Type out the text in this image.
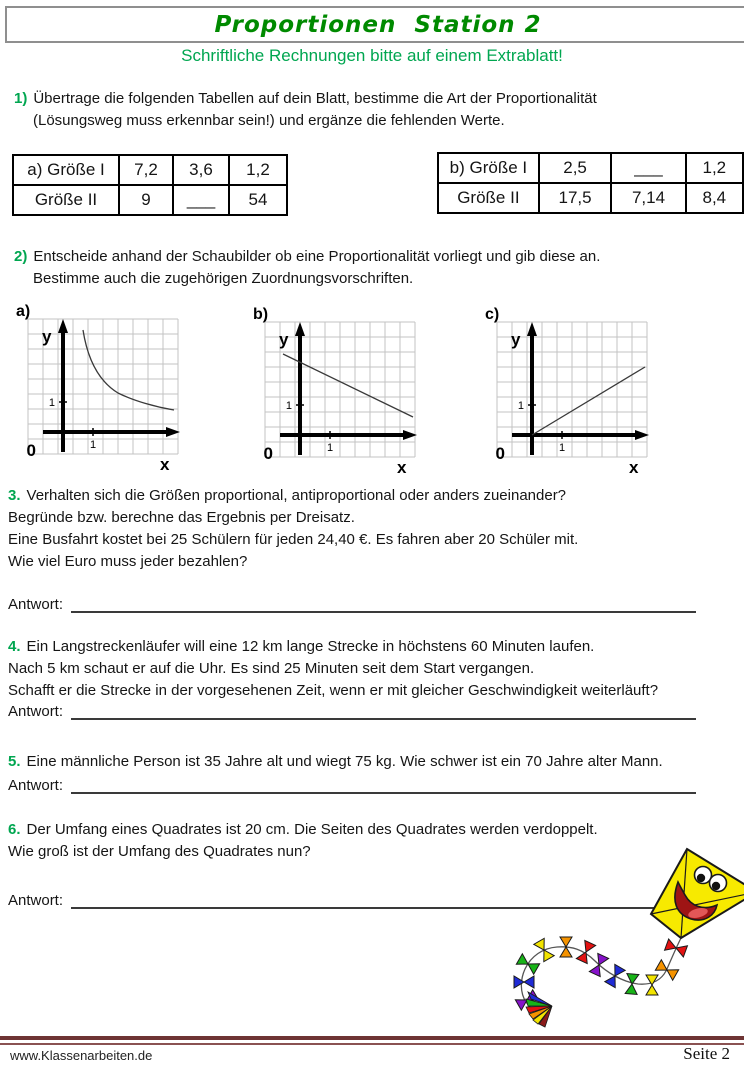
Proportionen  Station 2
Schriftliche Rechnungen bitte auf einem Extrablatt!
1) Übertrage die folgenden Tabellen auf dein Blatt, bestimme die Art der Proportionalität
(Lösungsweg muss erkennbar sein!) und ergänze die fehlenden Werte.
a) Größe I	7,2	3,6	1,2
Größe II	9	___	54
b) Größe I	2,5	___	1,2
Größe II	17,5	7,14	8,4
2) Entscheide anhand der Schaubilder ob eine Proportionalität vorliegt und gib diese an.
Bestimme auch die zugehörigen Zuordnungsvorschriften.
a)
y
x
0
1
1
b)
y
x
0
1
1
c)
y
x
0
1
1
3. Verhalten sich die Größen proportional, antiproportional oder anders zueinander?
Begründe bzw. berechne das Ergebnis per Dreisatz.
Eine Busfahrt kostet bei 25 Schülern für jeden 24,40 €. Es fahren aber 20 Schüler mit.
Wie viel Euro muss jeder bezahlen?
Antwort:
4. Ein Langstreckenläufer will eine 12 km lange Strecke in höchstens 60 Minuten laufen.
Nach 5 km schaut er auf die Uhr. Es sind 25 Minuten seit dem Start vergangen.
Schafft er die Strecke in der vorgesehenen Zeit, wenn er mit gleicher Geschwindigkeit weiterläuft?
Antwort:
5. Eine männliche Person ist 35 Jahre alt und wiegt 75 kg. Wie schwer ist ein 70 Jahre alter Mann.
Antwort:
6. Der Umfang eines Quadrates ist 20 cm. Die Seiten des Quadrates werden verdoppelt.
Wie groß ist der Umfang des Quadrates nun?
Antwort:
www.Klassenarbeiten.de	Seite 2
